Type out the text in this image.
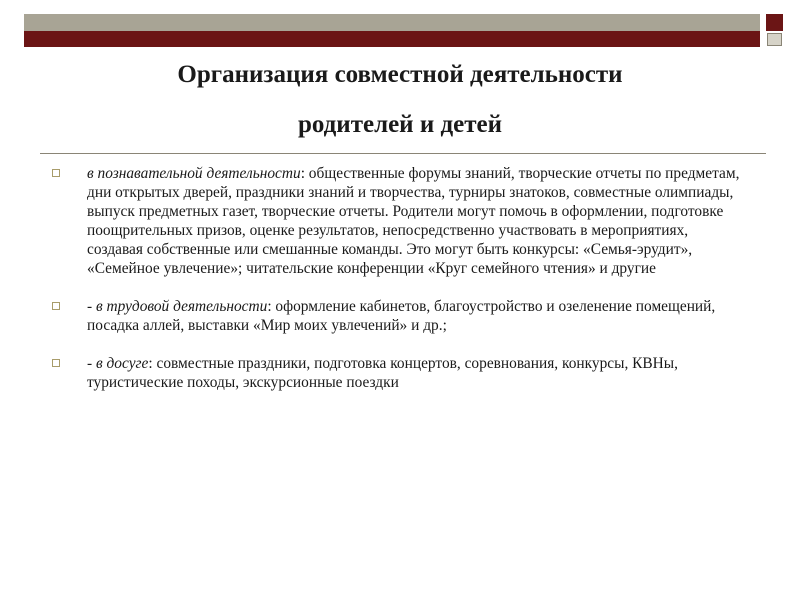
Организация совместной деятельности
родителей и детей
в познавательной деятельности: общественные форумы знаний, творческие отчеты по предметам, дни открытых дверей, праздники знаний и творчества, турниры знатоков, совместные олимпиады, выпуск предметных газет, творческие отчеты. Родители могут помочь в оформлении, подготовке поощрительных призов, оценке результатов, непосредственно участвовать в мероприятиях, создавая собственные или смешанные команды. Это могут быть конкурсы: «Семья-эрудит», «Семейное увлечение»; читательские конференции «Круг семейного чтения» и другие
- в трудовой деятельности: оформление кабинетов, благоустройство и озеленение помещений, посадка аллей, выставки «Мир моих увлечений» и др.;
- в досуге: совместные праздники, подготовка концертов, соревнования, конкурсы, КВНы, туристические походы, экскурсионные поездки
